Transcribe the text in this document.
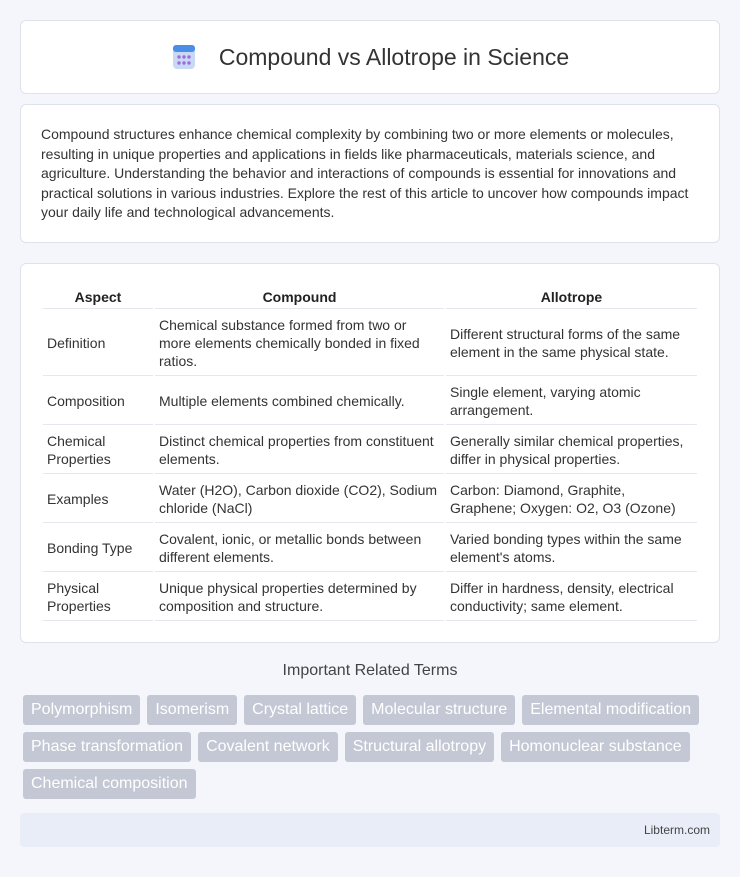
Compound vs Allotrope in Science

Compound structures enhance chemical complexity by combining two or more elements or molecules, resulting in unique properties and applications in fields like pharmaceuticals, materials science, and agriculture. Understanding the behavior and interactions of compounds is essential for innovations and practical solutions in various industries. Explore the rest of this article to uncover how compounds impact your daily life and technological advancements.

Aspect	Compound	Allotrope
Definition	Chemical substance formed from two or more elements chemically bonded in fixed ratios.	Different structural forms of the same element in the same physical state.
Composition	Multiple elements combined chemically.	Single element, varying atomic arrangement.
Chemical Properties	Distinct chemical properties from constituent elements.	Generally similar chemical properties, differ in physical properties.
Examples	Water (H2O), Carbon dioxide (CO2), Sodium chloride (NaCl)	Carbon: Diamond, Graphite, Graphene; Oxygen: O2, O3 (Ozone)
Bonding Type	Covalent, ionic, or metallic bonds between different elements.	Varied bonding types within the same element's atoms.
Physical Properties	Unique physical properties determined by composition and structure.	Differ in hardness, density, electrical conductivity; same element.
Important Related Terms
Polymorphism	Isomerism	Crystal lattice	Molecular structure	Elemental modification
Phase transformation	Covalent network	Structural allotropy	Homonuclear substance
Chemical composition
Libterm.com
